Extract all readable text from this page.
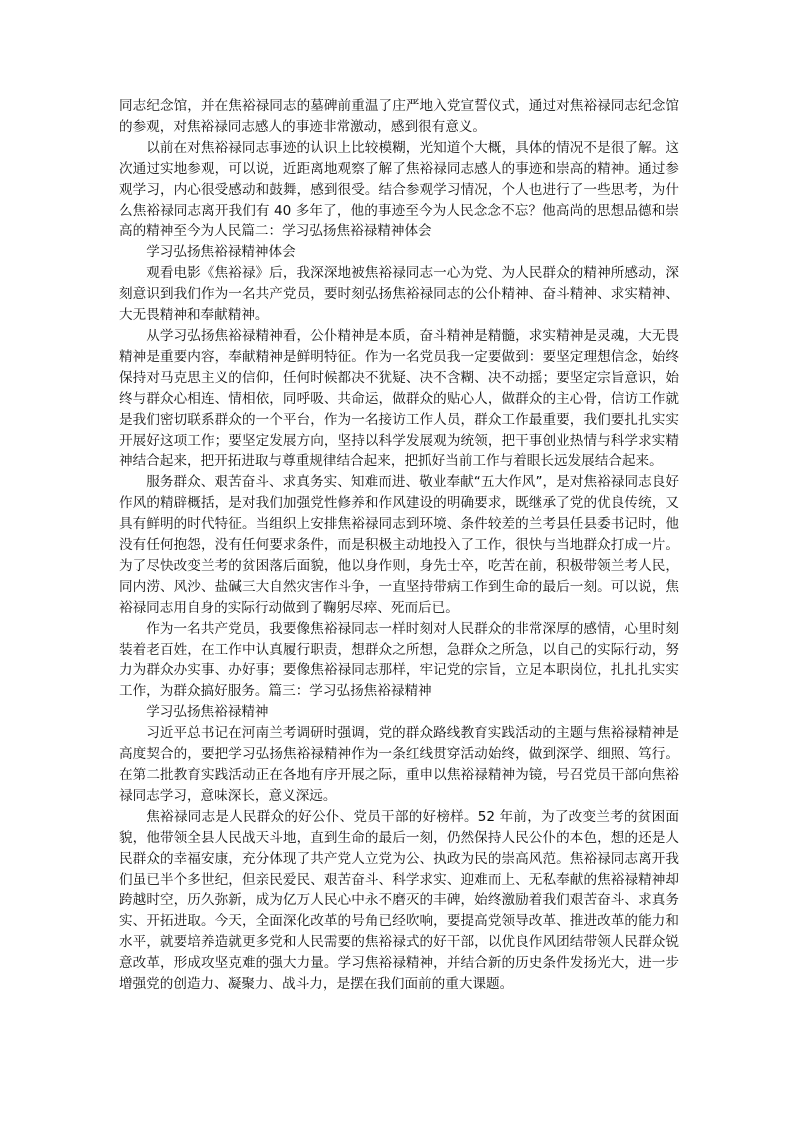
同志纪念馆，并在焦裕禄同志的墓碑前重温了庄严地入党宣誓仪式，通过对焦裕禄同志纪念馆的参观，对焦裕禄同志感人的事迹非常激动，感到很有意义。

以前在对焦裕禄同志事迹的认识上比较模糊，光知道个大概，具体的情况不是很了解。这次通过实地参观，可以说，近距离地观察了解了焦裕禄同志感人的事迹和崇高的精神。通过参观学习，内心很受感动和鼓舞，感到很受。结合参观学习情况，个人也进行了一些思考，为什么焦裕禄同志离开我们有 40 多年了，他的事迹至今为人民念念不忘？他高尚的思想品德和崇高的精神至今为人民篇二：学习弘扬焦裕禄精神体会

学习弘扬焦裕禄精神体会

观看电影《焦裕禄》后，我深深地被焦裕禄同志一心为党、为人民群众的精神所感动，深刻意识到我们作为一名共产党员，要时刻弘扬焦裕禄同志的公仆精神、奋斗精神、求实精神、大无畏精神和奉献精神。

从学习弘扬焦裕禄精神看，公仆精神是本质，奋斗精神是精髓，求实精神是灵魂，大无畏精神是重要内容，奉献精神是鲜明特征。作为一名党员我一定要做到：要坚定理想信念，始终保持对马克思主义的信仰，任何时候都决不犹疑、决不含糊、决不动摇；要坚定宗旨意识，始终与群众心相连、情相依，同呼吸、共命运，做群众的贴心人，做群众的主心骨，信访工作就是我们密切联系群众的一个平台，作为一名接访工作人员，群众工作最重要，我们要扎扎实实开展好这项工作；要坚定发展方向，坚持以科学发展观为统领，把干事创业热情与科学求实精神结合起来，把开拓进取与尊重规律结合起来，把抓好当前工作与着眼长远发展结合起来。

服务群众、艰苦奋斗、求真务实、知难而进、敬业奉献“五大作风”，是对焦裕禄同志良好作风的精辟概括，是对我们加强党性修养和作风建设的明确要求，既继承了党的优良传统，又具有鲜明的时代特征。当组织上安排焦裕禄同志到环境、条件较差的兰考县任县委书记时，他没有任何抱怨，没有任何要求条件，而是积极主动地投入了工作，很快与当地群众打成一片。为了尽快改变兰考的贫困落后面貌，他以身作则，身先士卒，吃苦在前，积极带领兰考人民，同内涝、风沙、盐碱三大自然灾害作斗争，一直坚持带病工作到生命的最后一刻。可以说，焦裕禄同志用自身的实际行动做到了鞠躬尽瘁、死而后已。

作为一名共产党员，我要像焦裕禄同志一样时刻对人民群众的非常深厚的感情，心里时刻装着老百姓，在工作中认真履行职责，想群众之所想，急群众之所急，以自己的实际行动，努力为群众办实事、办好事；要像焦裕禄同志那样，牢记党的宗旨，立足本职岗位，扎扎扎实实工作，为群众搞好服务。篇三：学习弘扬焦裕禄精神

学习弘扬焦裕禄精神

习近平总书记在河南兰考调研时强调，党的群众路线教育实践活动的主题与焦裕禄精神是高度契合的，要把学习弘扬焦裕禄精神作为一条红线贯穿活动始终，做到深学、细照、笃行。在第二批教育实践活动正在各地有序开展之际，重申以焦裕禄精神为镜，号召党员干部向焦裕禄同志学习，意味深长，意义深远。

焦裕禄同志是人民群众的好公仆、党员干部的好榜样。52 年前，为了改变兰考的贫困面貌，他带领全县人民战天斗地，直到生命的最后一刻，仍然保持人民公仆的本色，想的还是人民群众的幸福安康，充分体现了共产党人立党为公、执政为民的崇高风范。焦裕禄同志离开我们虽已半个多世纪，但亲民爱民、艰苦奋斗、科学求实、迎难而上、无私奉献的焦裕禄精神却跨越时空，历久弥新，成为亿万人民心中永不磨灭的丰碑，始终激励着我们艰苦奋斗、求真务实、开拓进取。今天，全面深化改革的号角已经吹响，要提高党领导改革、推进改革的能力和水平，就要培养造就更多党和人民需要的焦裕禄式的好干部，以优良作风团结带领人民群众锐意改革，形成攻坚克难的强大力量。学习焦裕禄精神，并结合新的历史条件发扬光大，进一步增强党的创造力、凝聚力、战斗力，是摆在我们面前的重大课题。
